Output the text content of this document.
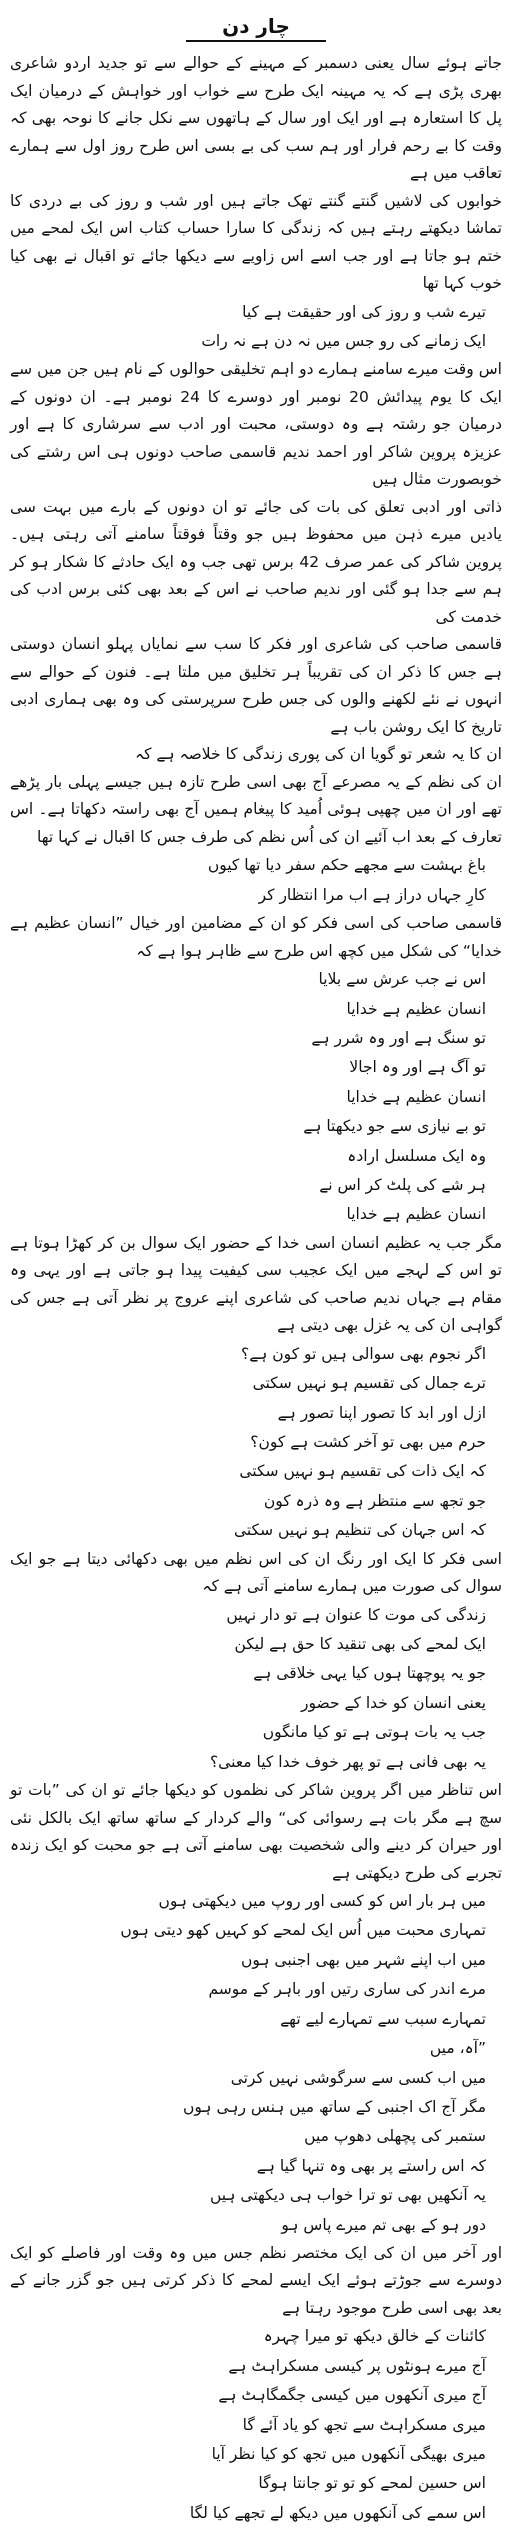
چار دن

جاتے ہوئے سال یعنی دسمبر کے مہینے کے حوالے سے تو جدید اردو شاعری بھری پڑی ہے کہ یہ مہینہ ایک طرح سے خواب اور خواہش کے درمیان ایک پل کا استعارہ ہے اور ایک اور سال کے ہاتھوں سے نکل جانے کا نوحہ بھی کہ وقت کا بے رحم فرار اور ہم سب کی بے بسی اس طرح روز اول سے ہمارے تعاقب میں ہے

خوابوں کی لاشیں گنتے گنتے تھک جاتے ہیں اور شب و روز کی بے دردی کا تماشا دیکھتے رہتے ہیں کہ زندگی کا سارا حساب کتاب اس ایک لمحے میں ختم ہو جاتا ہے اور جب اسے اس زاویے سے دیکھا جائے تو اقبال نے بھی کیا خوب کہا تھا

تیرے شب و روز کی اور حقیقت ہے کیا

ایک زمانے کی رو جس میں نہ دن ہے نہ رات

اس وقت میرے سامنے ہمارے دو اہم تخلیقی حوالوں کے نام ہیں جن میں سے ایک کا یوم پیدائش 20 نومبر اور دوسرے کا 24 نومبر ہے۔ ان دونوں کے درمیان جو رشتہ ہے وہ دوستی، محبت اور ادب سے سرشاری کا ہے اور عزیزہ پروین شاکر اور احمد ندیم قاسمی صاحب دونوں ہی اس رشتے کی خوبصورت مثال ہیں

ذاتی اور ادبی تعلق کی بات کی جائے تو ان دونوں کے بارے میں بہت سی یادیں میرے ذہن میں محفوظ ہیں جو وقتاً فوقتاً سامنے آتی رہتی ہیں۔ پروین شاکر کی عمر صرف 42 برس تھی جب وہ ایک حادثے کا شکار ہو کر ہم سے جدا ہو گئی اور ندیم صاحب نے اس کے بعد بھی کئی برس ادب کی خدمت کی

قاسمی صاحب کی شاعری اور فکر کا سب سے نمایاں پہلو انسان دوستی ہے جس کا ذکر ان کی تقریباً ہر تخلیق میں ملتا ہے۔ فنون کے حوالے سے انہوں نے نئے لکھنے والوں کی جس طرح سرپرستی کی وہ بھی ہماری ادبی تاریخ کا ایک روشن باب ہے

ان کا یہ شعر تو گویا ان کی پوری زندگی کا خلاصہ ہے کہ

ان کی نظم کے یہ مصرعے آج بھی اسی طرح تازہ ہیں جیسے پہلی بار پڑھے تھے اور ان میں چھپی ہوئی اُمید کا پیغام ہمیں آج بھی راستہ دکھاتا ہے۔ اس تعارف کے بعد اب آئیے ان کی اُس نظم کی طرف جس کا اقبال نے کہا تھا

باغ بہشت سے مجھے حکم سفر دیا تھا کیوں

کارِ جہاں دراز ہے اب مرا انتظار کر

قاسمی صاحب کی اسی فکر کو ان کے مضامین اور خیال ”انسان عظیم ہے خدایا“ کی شکل میں کچھ اس طرح سے ظاہر ہوا ہے کہ

اس نے جب عرش سے بلایا

انسان عظیم ہے خدایا

تو سنگ ہے اور وہ شرر ہے

تو آگ ہے اور وہ اجالا

انسان عظیم ہے خدایا

تو بے نیازی سے جو دیکھتا ہے

وہ ایک مسلسل ارادہ

ہر شے کی پلٹ کر اس نے

انسان عظیم ہے خدایا

مگر جب یہ عظیم انسان اسی خدا کے حضور ایک سوال بن کر کھڑا ہوتا ہے تو اس کے لہجے میں ایک عجیب سی کیفیت پیدا ہو جاتی ہے اور یہی وہ مقام ہے جہاں ندیم صاحب کی شاعری اپنے عروج پر نظر آتی ہے جس کی گواہی ان کی یہ غزل بھی دیتی ہے

اگر نجوم بھی سوالی ہیں تو کون ہے؟

ترے جمال کی تقسیم ہو نہیں سکتی

ازل اور ابد کا تصور اپنا تصور ہے

حرم میں بھی تو آخر کشت ہے کون؟

کہ ایک ذات کی تقسیم ہو نہیں سکتی

جو تجھ سے منتظر ہے وہ ذرہ کون

کہ اس جہان کی تنظیم ہو نہیں سکتی

اسی فکر کا ایک اور رنگ ان کی اس نظم میں بھی دکھائی دیتا ہے جو ایک سوال کی صورت میں ہمارے سامنے آتی ہے کہ

زندگی کی موت کا عنوان ہے تو دار نہیں

ایک لمحے کی بھی تنقید کا حق ہے لیکن

جو یہ پوچھتا ہوں کیا یہی خلاقی ہے

یعنی انسان کو خدا کے حضور

جب یہ بات ہوتی ہے تو کیا مانگوں

یہ بھی فانی ہے تو پھر خوف خدا کیا معنی؟

اس تناظر میں اگر پروین شاکر کی نظموں کو دیکھا جائے تو ان کی ”بات تو سچ ہے مگر بات ہے رسوائی کی“ والے کردار کے ساتھ ساتھ ایک بالکل نئی اور حیران کر دینے والی شخصیت بھی سامنے آتی ہے جو محبت کو ایک زندہ تجربے کی طرح دیکھتی ہے

میں ہر بار اس کو کسی اور روپ میں دیکھتی ہوں

تمہاری محبت میں اُس ایک لمحے کو کہیں کھو دیتی ہوں

میں اب اپنے شہر میں بھی اجنبی ہوں

مرے اندر کی ساری رتیں اور باہر کے موسم

تمہارے سبب سے تمہارے لیے تھے

”آہ، میں

میں اب کسی سے سرگوشی نہیں کرتی

مگر آج اک اجنبی کے ساتھ میں ہنس رہی ہوں

ستمبر کی پچھلی دھوپ میں

کہ اس راستے پر بھی وہ تنہا گیا ہے

یہ آنکھیں بھی تو ترا خواب ہی دیکھتی ہیں

دور ہو کے بھی تم میرے پاس ہو

اور آخر میں ان کی ایک مختصر نظم جس میں وہ وقت اور فاصلے کو ایک دوسرے سے جوڑتے ہوئے ایک ایسے لمحے کا ذکر کرتی ہیں جو گزر جانے کے بعد بھی اسی طرح موجود رہتا ہے

کائنات کے خالق دیکھ تو میرا چہرہ

آج میرے ہونٹوں پر کیسی مسکراہٹ ہے

آج میری آنکھوں میں کیسی جگمگاہٹ ہے

میری مسکراہٹ سے تجھ کو یاد آئے گا

میری بھیگی آنکھوں میں تجھ کو کیا نظر آیا

اس حسین لمحے کو تو تو جانتا ہوگا

اس سمے کی آنکھوں میں دیکھ لے تجھے کیا لگا
